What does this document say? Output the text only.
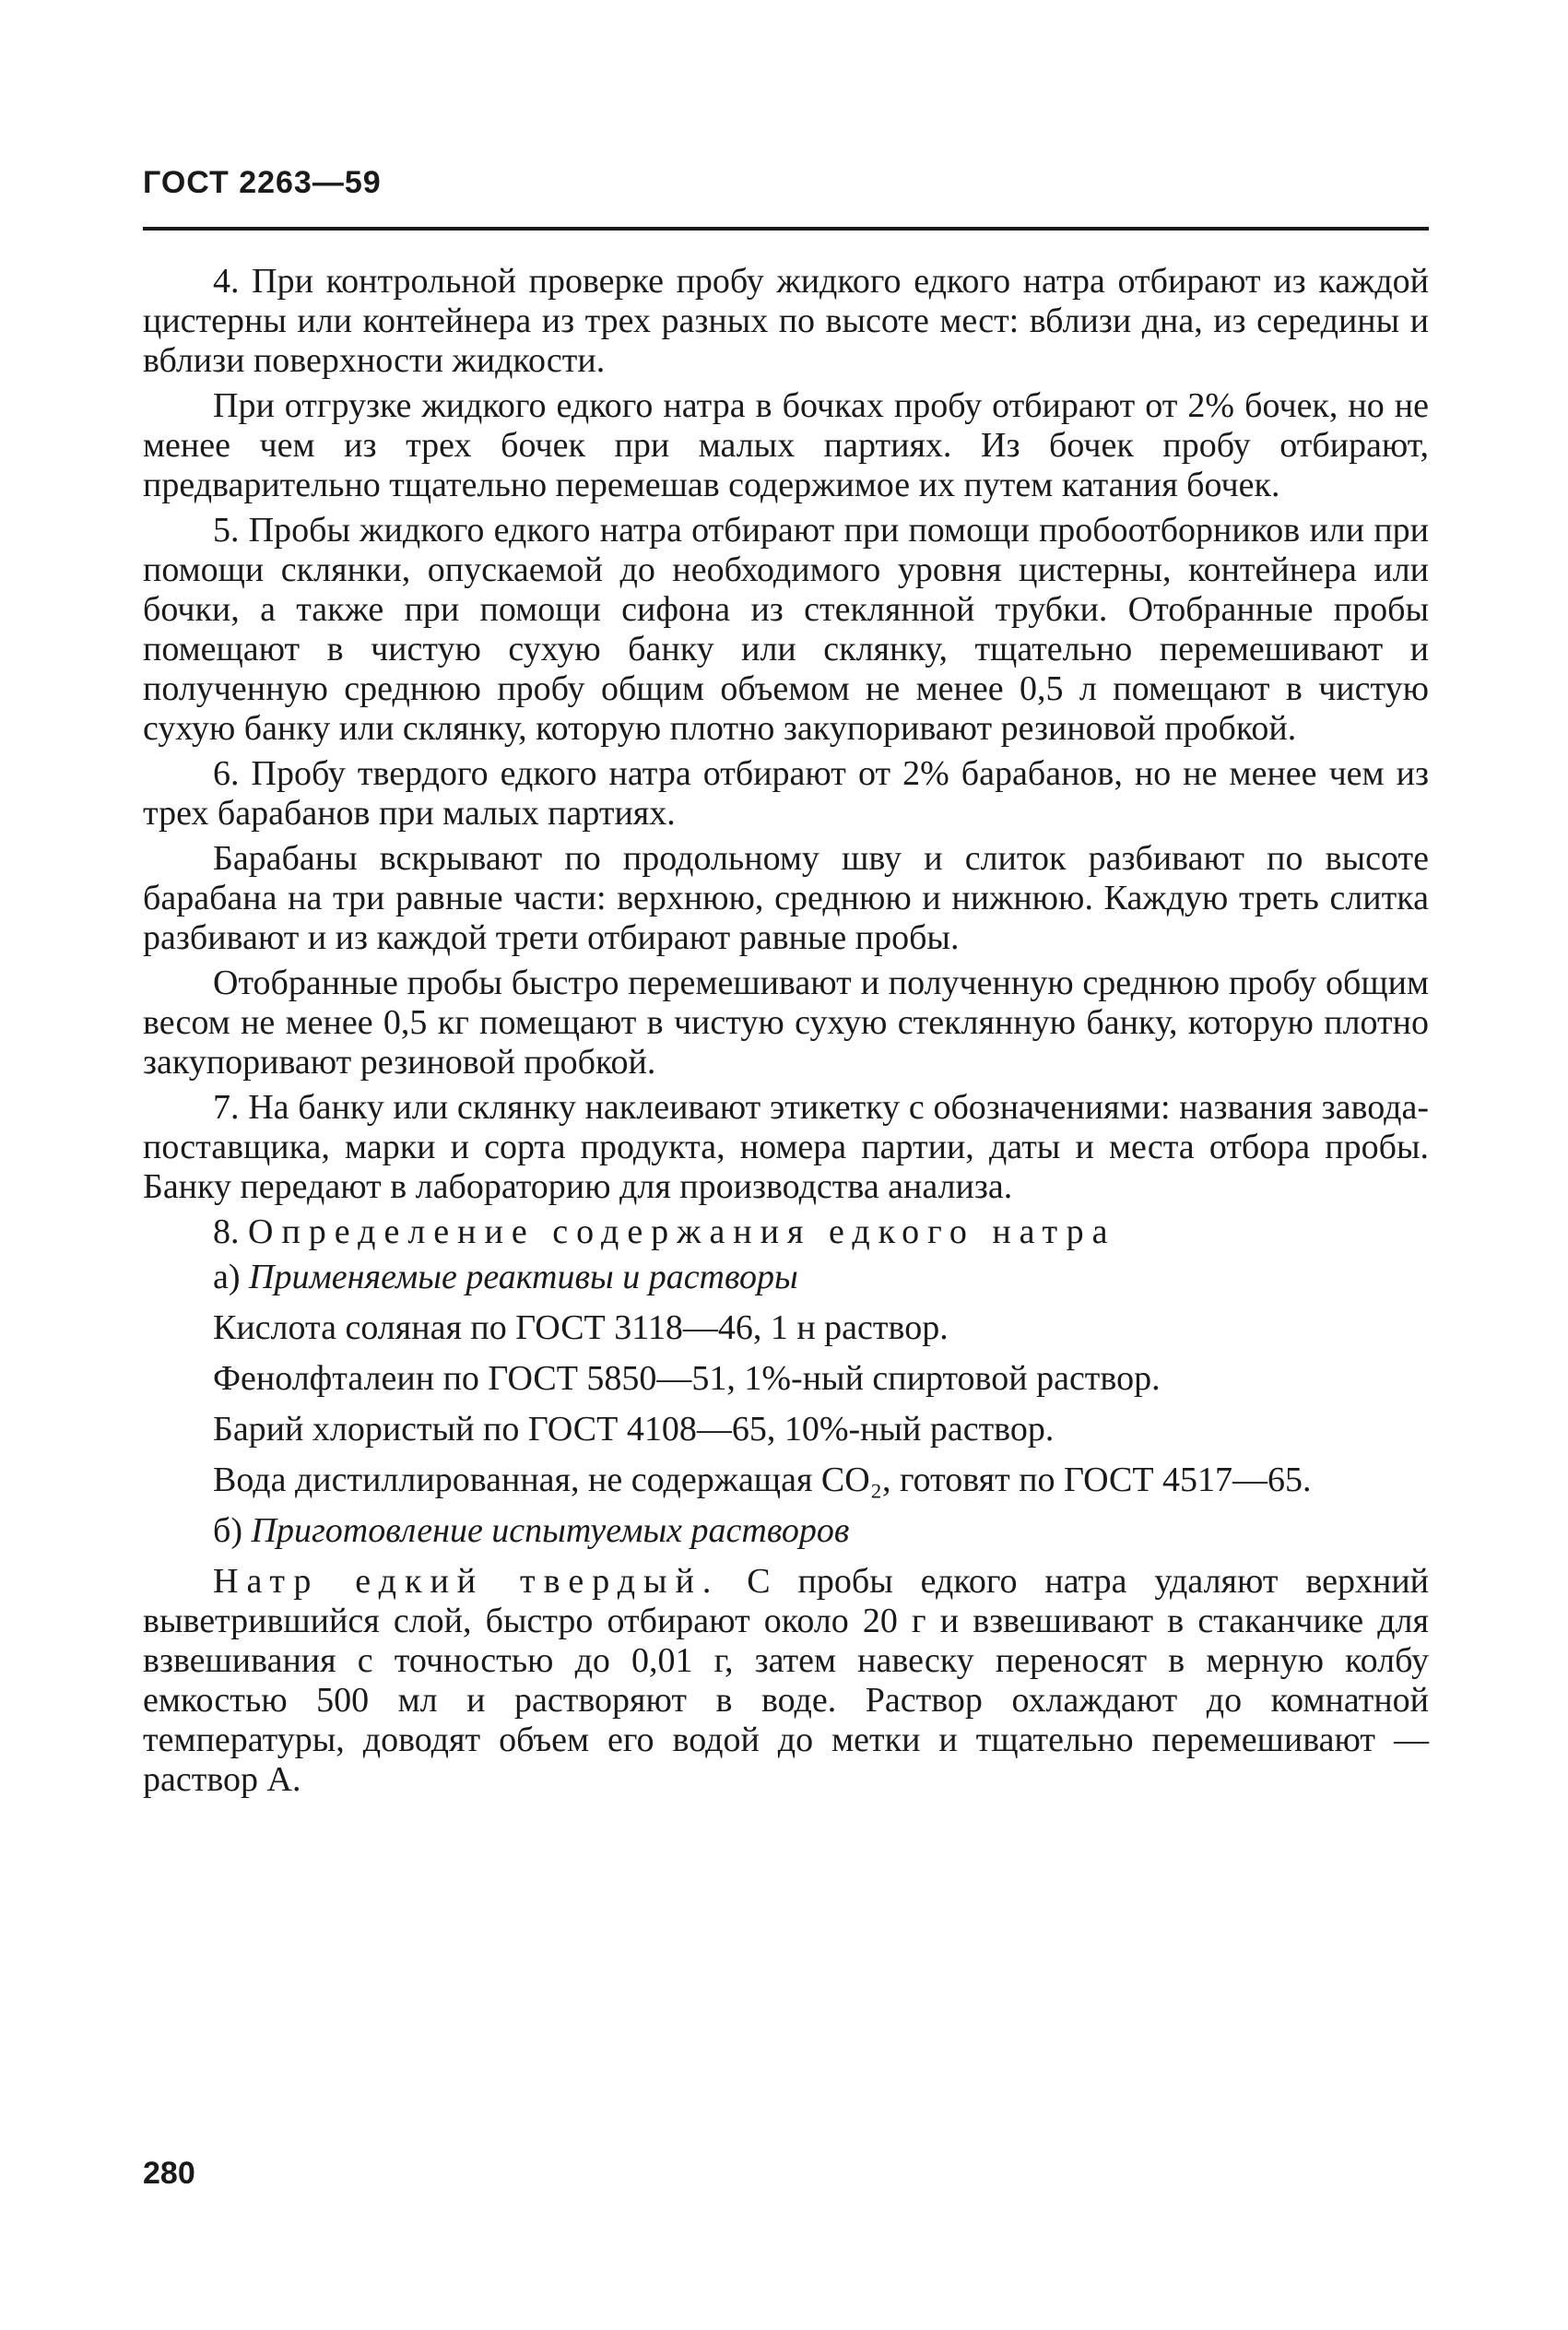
ГОСТ 2263—59

4. При контрольной проверке пробу жидкого едкого натра отбирают из каждой цистерны или контейнера из трех разных по высоте мест: вблизи дна, из середины и вблизи поверхности жидкости.

При отгрузке жидкого едкого натра в бочках пробу отбирают от 2% бочек, но не менее чем из трех бочек при малых партиях. Из бочек пробу отбирают, предварительно тщательно перемешав содержимое их путем катания бочек.

5. Пробы жидкого едкого натра отбирают при помощи пробоотборников или при помощи склянки, опускаемой до необходимого уровня цистерны, контейнера или бочки, а также при помощи сифона из стеклянной трубки. Отобранные пробы помещают в чистую сухую банку или склянку, тщательно перемешивают и полученную среднюю пробу общим объемом не менее 0,5 л помещают в чистую сухую банку или склянку, которую плотно закупоривают резиновой пробкой.

6. Пробу твердого едкого натра отбирают от 2% барабанов, но не менее чем из трех барабанов при малых партиях.

Барабаны вскрывают по продольному шву и слиток разбивают по высоте барабана на три равные части: верхнюю, среднюю и нижнюю. Каждую треть слитка разбивают и из каждой трети отбирают равные пробы.

Отобранные пробы быстро перемешивают и полученную среднюю пробу общим весом не менее 0,5 кг помещают в чистую сухую стеклянную банку, которую плотно закупоривают резиновой пробкой.

7. На банку или склянку наклеивают этикетку с обозначениями: названия завода-поставщика, марки и сорта продукта, номера партии, даты и места отбора пробы. Банку передают в лабораторию для производства анализа.

8. Определение содержания едкого натра

а) Применяемые реактивы и растворы

Кислота соляная по ГОСТ 3118—46, 1 н раствор.

Фенолфталеин по ГОСТ 5850—51, 1%-ный спиртовой раствор.

Барий хлористый по ГОСТ 4108—65, 10%-ный раствор.

Вода дистиллированная, не содержащая CO₂, готовят по ГОСТ 4517—65.

б) Приготовление испытуемых растворов

Натр едкий твердый. С пробы едкого натра удаляют верхний выветрившийся слой, быстро отбирают около 20 г и взвешивают в стаканчике для взвешивания с точностью до 0,01 г, затем навеску переносят в мерную колбу емкостью 500 мл и растворяют в воде. Раствор охлаждают до комнатной температуры, доводят объем его водой до метки и тщательно перемешивают — раствор А.

280
